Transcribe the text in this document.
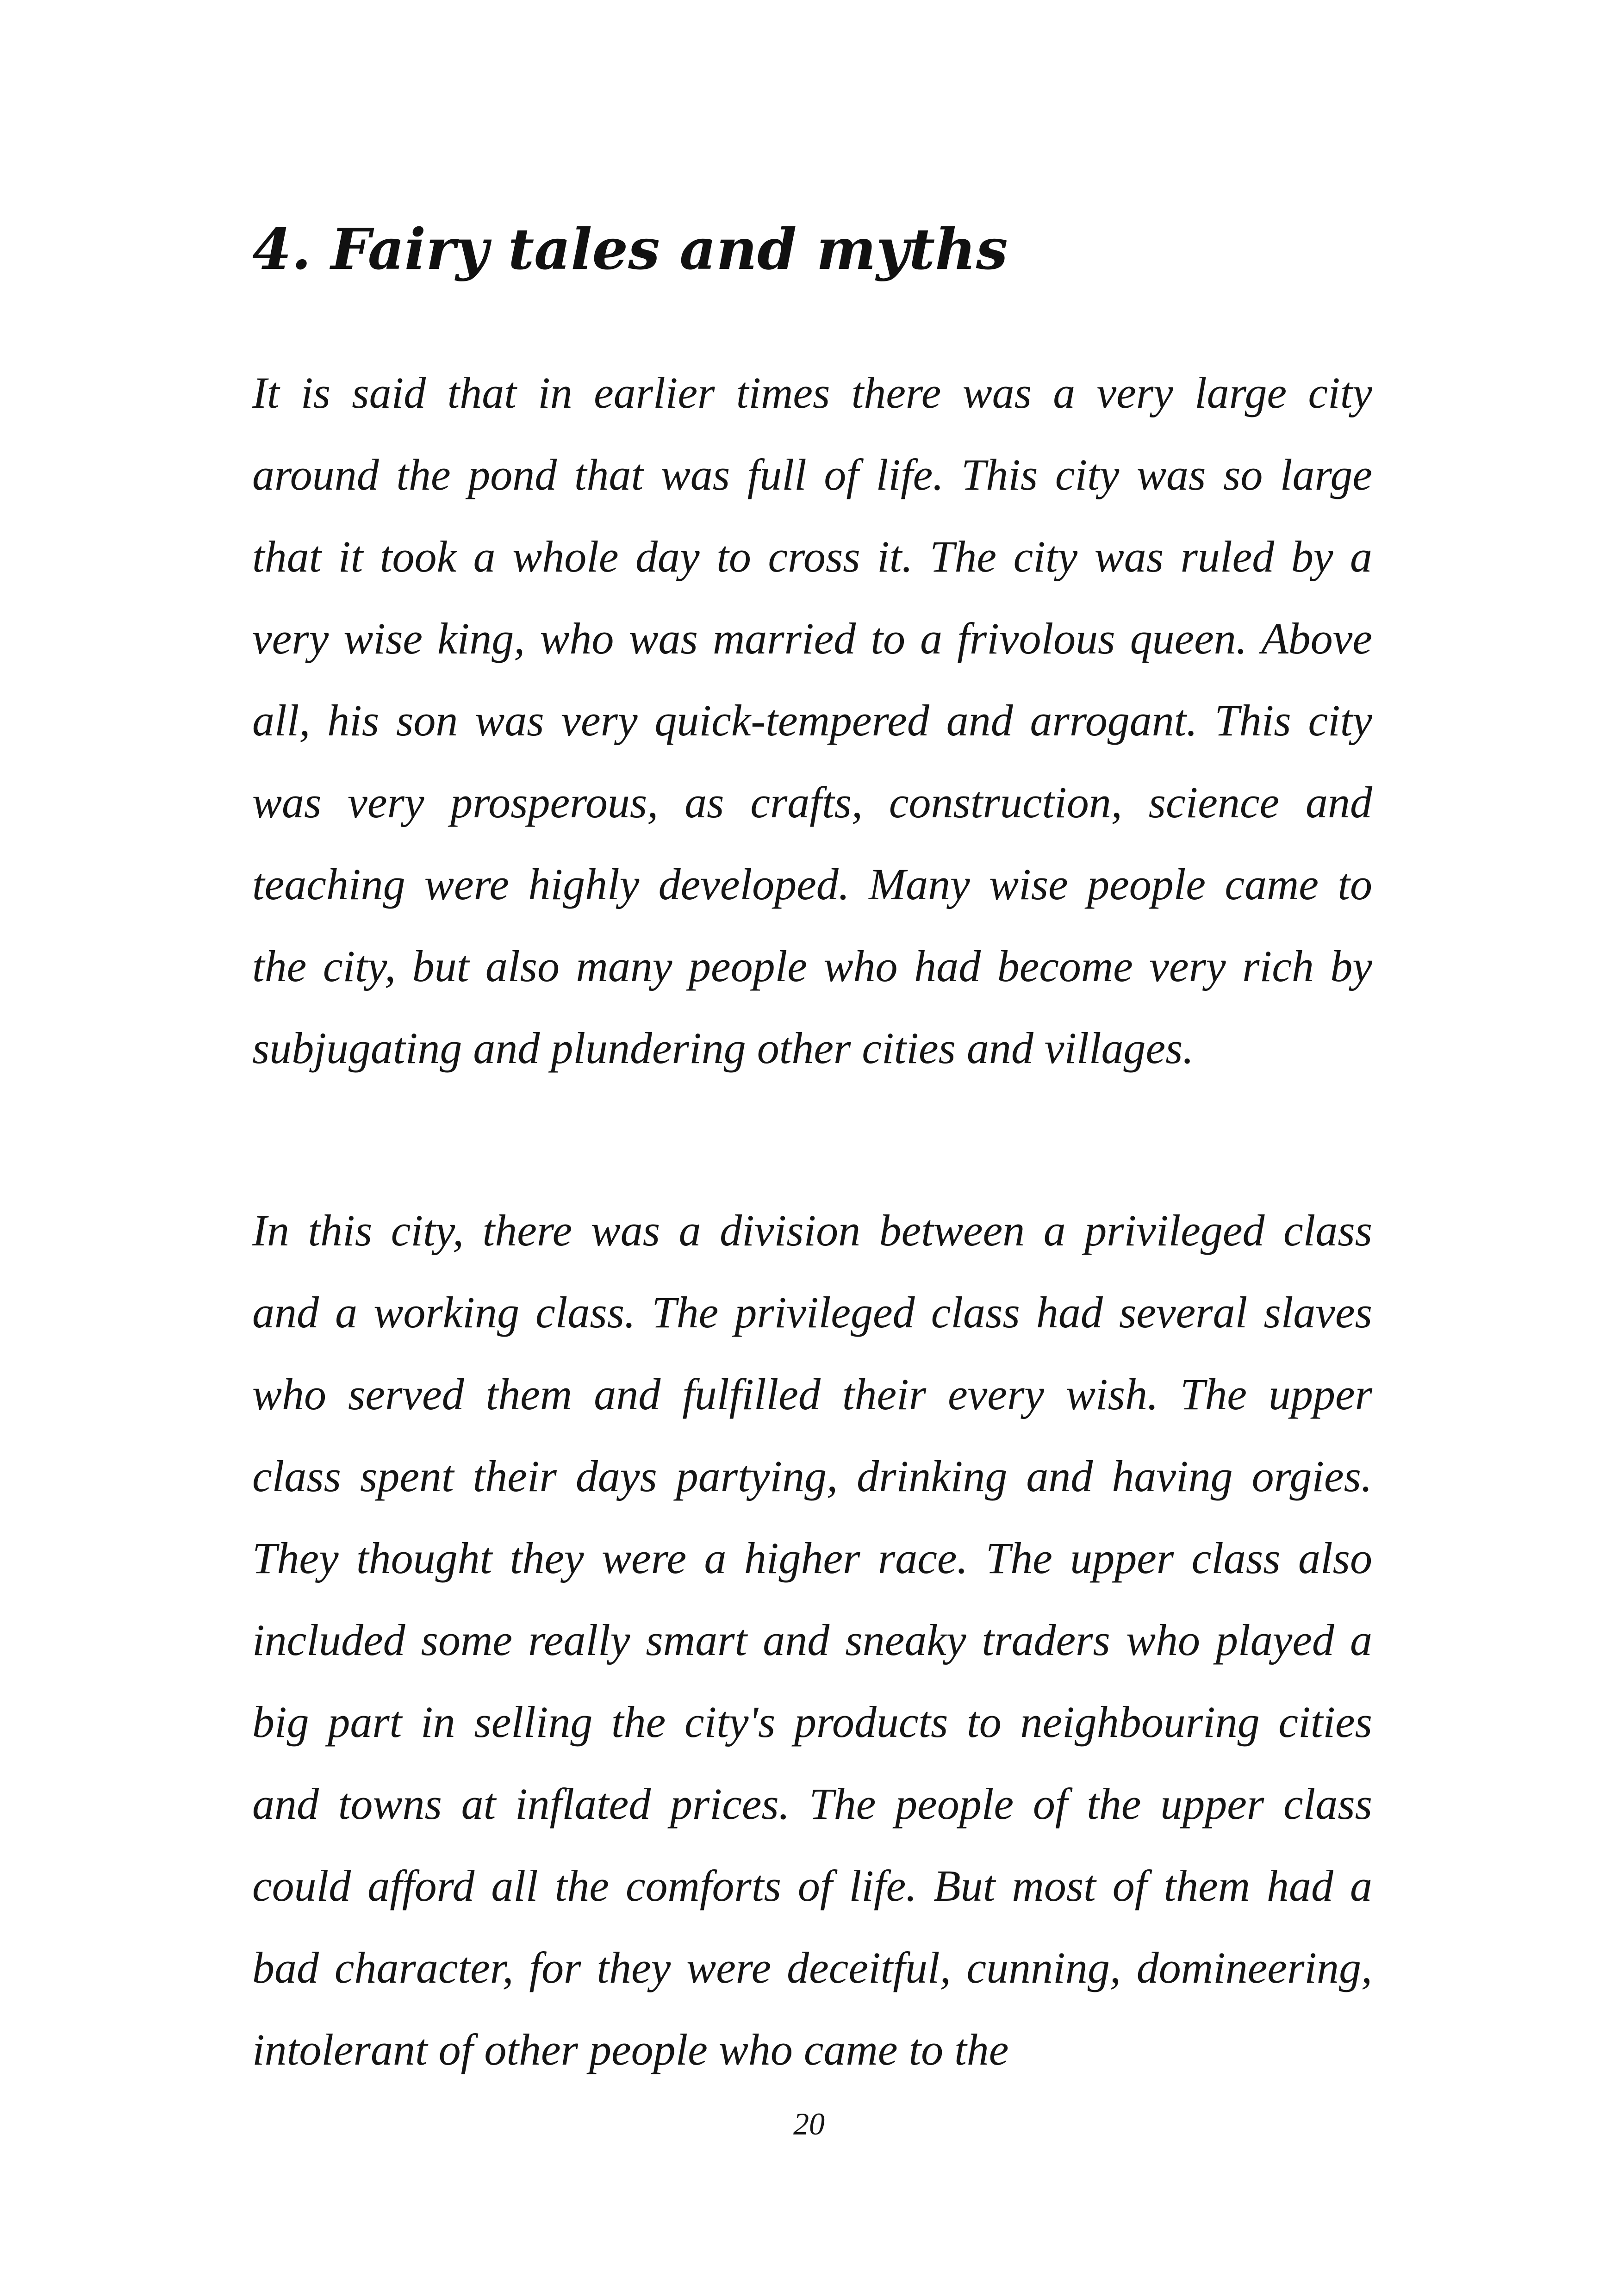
4. Fairy tales and myths

It is said that in earlier times there was a very large city around the pond that was full of life. This city was so large that it took a whole day to cross it. The city was ruled by a very wise king, who was married to a frivolous queen. Above all, his son was very quick-tempered and arrogant. This city was very prosperous, as crafts, construction, science and teaching were highly developed. Many wise people came to the city, but also many people who had become very rich by subjugating and plundering other cities and villages.

In this city, there was a division between a privileged class and a working class. The privileged class had several slaves who served them and fulfilled their every wish. The upper class spent their days partying, drinking and having orgies. They thought they were a higher race. The upper class also included some really smart and sneaky traders who played a big part in selling the city's products to neighbouring cities and towns at inflated prices. The people of the upper class could afford all the comforts of life. But most of them had a bad character, for they were deceitful, cunning, domineering, intolerant of other people who came to the

20
